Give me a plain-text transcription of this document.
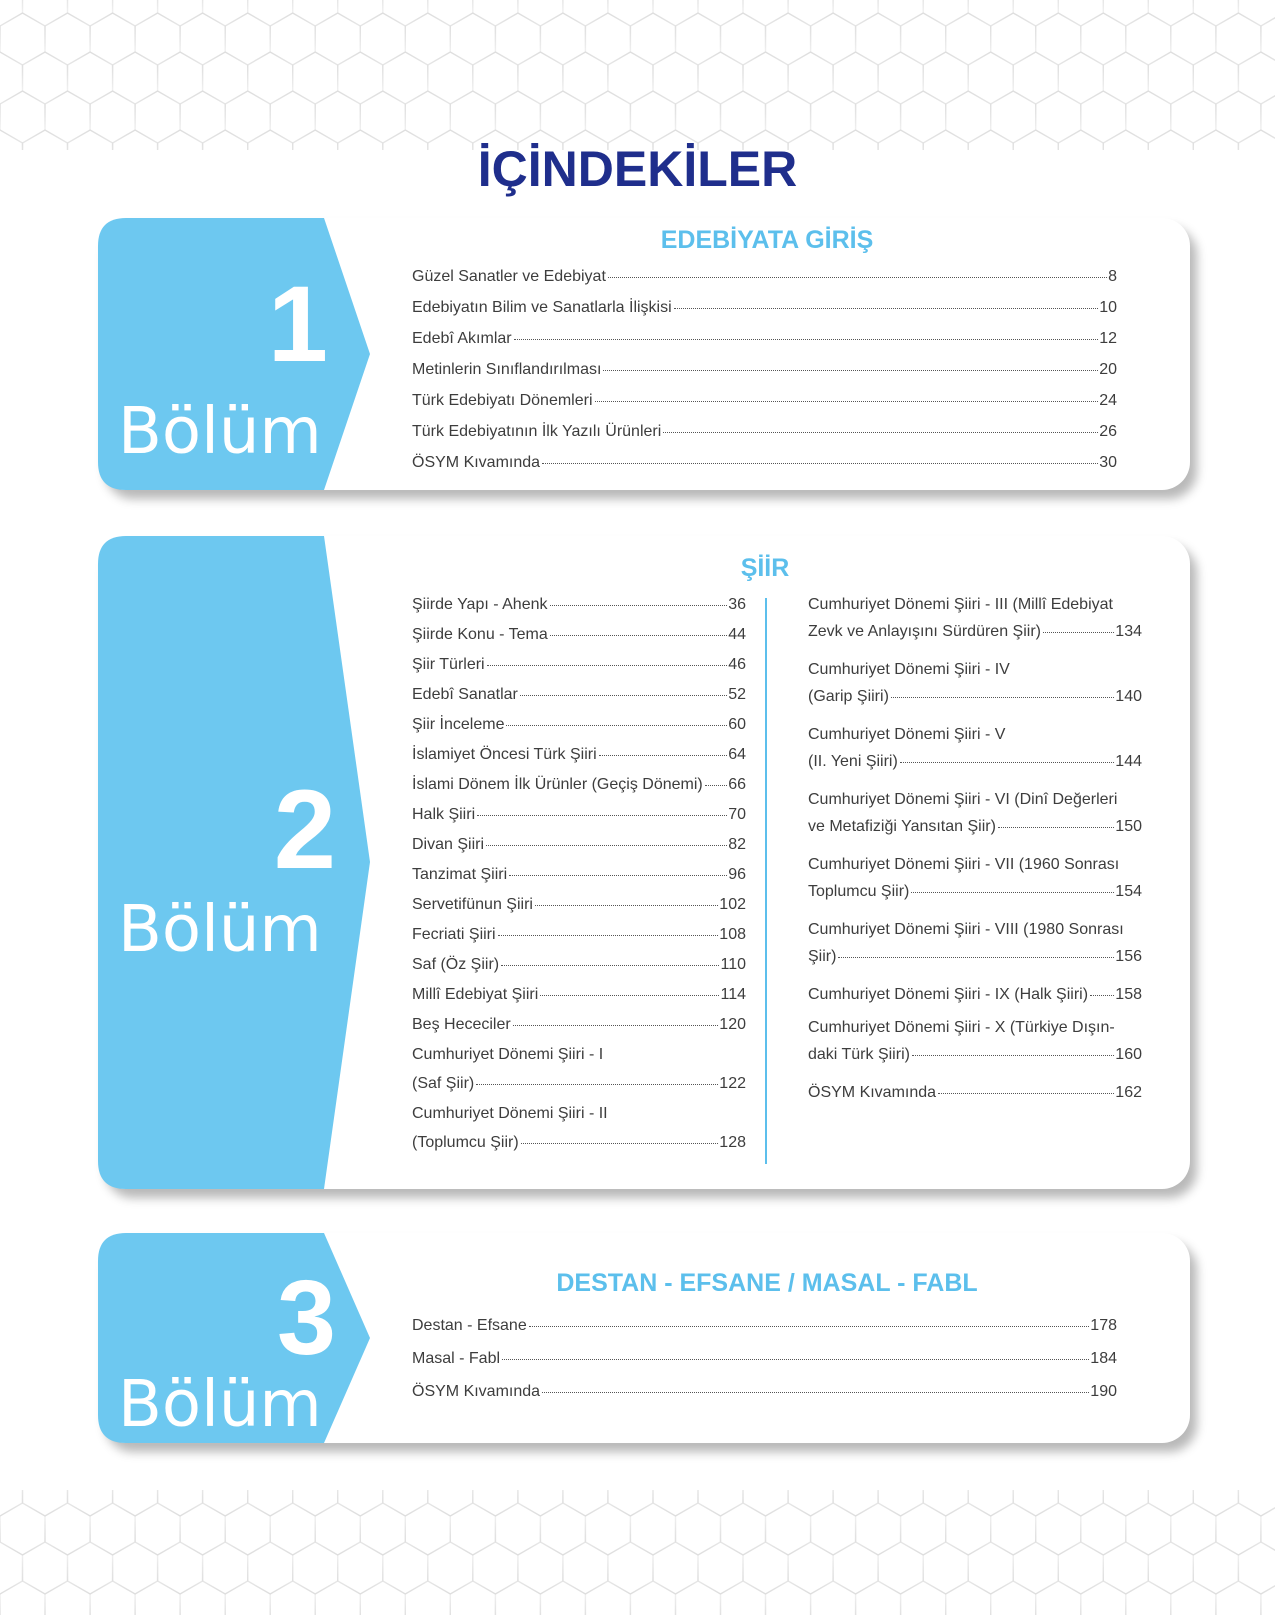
İÇİNDEKİLER
1
Bölüm
EDEBİYATA GİRİŞ
Güzel Sanatler ve Edebiyat	8
Edebiyatın Bilim ve Sanatlarla İlişkisi	10
Edebî Akımlar	12
Metinlerin Sınıflandırılması	20
Türk Edebiyatı Dönemleri	24
Türk Edebiyatının İlk Yazılı Ürünleri	26
ÖSYM Kıvamında	30
2
Bölüm
ŞİİR
Şiirde Yapı - Ahenk	36
Şiirde Konu - Tema	44
Şiir Türleri	46
Edebî Sanatlar	52
Şiir İnceleme	60
İslamiyet Öncesi Türk Şiiri	64
İslami Dönem İlk Ürünler (Geçiş Dönemi) 66
Halk Şiiri	70
Divan Şiiri	82
Tanzimat Şiiri	96
Servetifünun Şiiri	102
Fecriati Şiiri	108
Saf (Öz Şiir)	110
Millî Edebiyat Şiiri	114
Beş Hececiler	120
Cumhuriyet Dönemi Şiiri - I
(Saf Şiir)	122
Cumhuriyet Dönemi Şiiri - II
(Toplumcu Şiir)	128
Cumhuriyet Dönemi Şiiri - III (Millî Edebiyat
Zevk ve Anlayışını Sürdüren Şiir)	134
Cumhuriyet Dönemi Şiiri - IV
(Garip Şiiri)	140
Cumhuriyet Dönemi Şiiri - V
(II. Yeni Şiiri)	144
Cumhuriyet Dönemi Şiiri - VI (Dinî Değerleri
ve Metafiziği Yansıtan Şiir)	150
Cumhuriyet Dönemi Şiiri - VII (1960 Sonrası
Toplumcu Şiir)	154
Cumhuriyet Dönemi Şiiri - VIII (1980 Sonrası
Şiir)	156
Cumhuriyet Dönemi Şiiri - IX (Halk Şiiri) 158
Cumhuriyet Dönemi Şiiri - X (Türkiye Dışın-
daki Türk Şiiri)	160
ÖSYM Kıvamında	162
3
Bölüm
DESTAN - EFSANE / MASAL - FABL
Destan - Efsane	178
Masal - Fabl	184
ÖSYM Kıvamında	190
